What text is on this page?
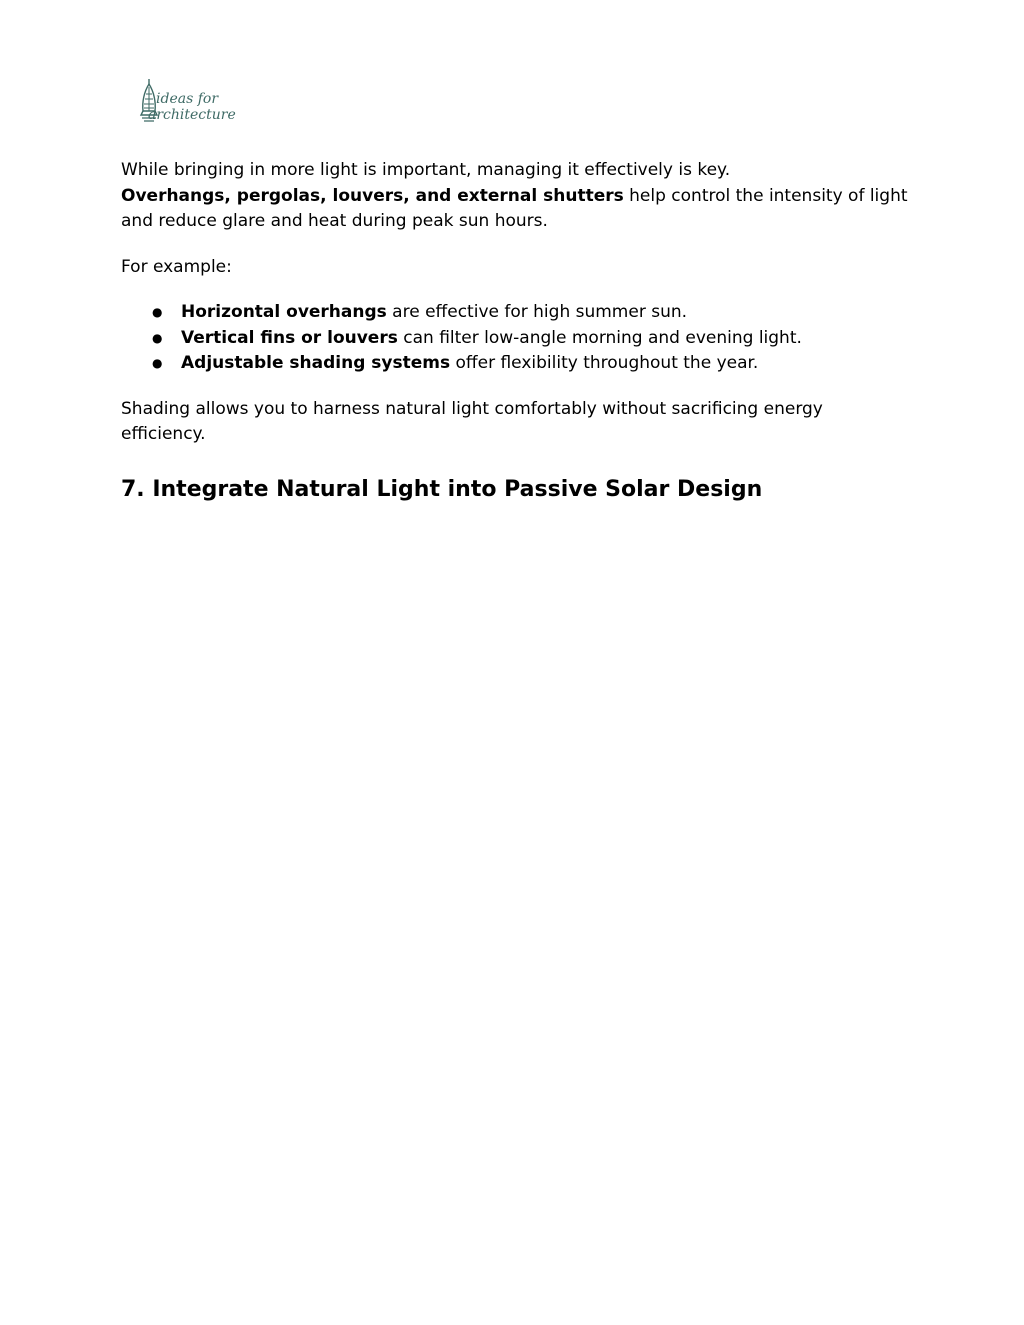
ideas for
architecture

While bringing in more light is important, managing it effectively is key.
Overhangs, pergolas, louvers, and external shutters help control the intensity of light and reduce glare and heat during peak sun hours.

For example:

● Horizontal overhangs are effective for high summer sun.
● Vertical fins or louvers can filter low-angle morning and evening light.
● Adjustable shading systems offer flexibility throughout the year.

Shading allows you to harness natural light comfortably without sacrificing energy efficiency.

7. Integrate Natural Light into Passive Solar Design
